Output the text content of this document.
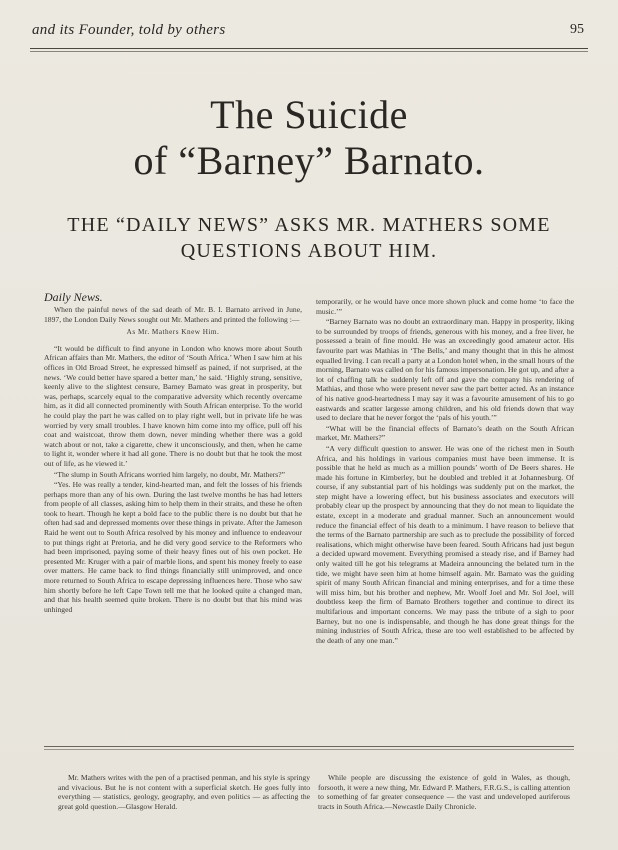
and its Founder, told by others	95
The Suicide
of “Barney” Barnato.
THE “DAILY NEWS” ASKS MR. MATHERS SOME
QUESTIONS ABOUT HIM.

Daily News.

When the painful news of the sad death of Mr. B. I. Barnato arrived in June, 1897, the London Daily News sought out Mr. Mathers and printed the following :—

As Mr. Mathers Knew Him.

“It would be difficult to find anyone in London who knows more about South African affairs than Mr. Mathers, the editor of ‘South Africa.’ When I saw him at his offices in Old Broad Street, he expressed himself as pained, if not surprised, at the news. ‘We could better have spared a better man,’ he said. ‘Highly strung, sensitive, keenly alive to the slightest censure, Barney Barnato was great in prosperity, but was, perhaps, scarcely equal to the comparative adversity which recently overcame him, as it did all connected prominently with South African enterprise. To the world he could play the part he was called on to play right well, but in private life he was worried by very small troubles. I have known him come into my office, pull off his coat and waistcoat, throw them down, never minding whether there was a gold watch about or not, take a cigarette, chew it unconsciously, and then, when he came to light it, wonder where it had all gone. There is no doubt but that he took the most out of life, as he viewed it.’

“The slump in South Africans worried him largely, no doubt, Mr. Mathers?”

“Yes. He was really a tender, kind-hearted man, and felt the losses of his friends perhaps more than any of his own. During the last twelve months he has had letters from people of all classes, asking him to help them in their straits, and these he often took to heart. Though he kept a bold face to the public there is no doubt but that he often had sad and depressed moments over these things in private. After the Jameson Raid he went out to South Africa resolved by his money and influence to endeavour to put things right at Pretoria, and he did very good service to the Reformers who had been imprisoned, paying some of their heavy fines out of his own pocket. He presented Mr. Kruger with a pair of marble lions, and spent his money freely to ease over matters. He came back to find things financially still unimproved, and once more returned to South Africa to escape depressing influences here. Those who saw him shortly before he left Cape Town tell me that he looked quite a changed man, and that his health seemed quite broken. There is no doubt but that his mind was unhinged

temporarily, or he would have once more shown pluck and come home ‘to face the music.’”

“Barney Barnato was no doubt an extraordinary man. Happy in prosperity, liking to be surrounded by troops of friends, generous with his money, and a free liver, he possessed a brain of fine mould. He was an exceedingly good amateur actor. His favourite part was Mathias in ‘The Bells,’ and many thought that in this he almost equalled Irving. I can recall a party at a London hotel when, in the small hours of the morning, Barnato was called on for his famous impersonation. He got up, and after a lot of chaffing talk he suddenly left off and gave the company his rendering of Mathias, and those who were present never saw the part better acted. As an instance of his native good-heartedness I may say it was a favourite amusement of his to go eastwards and scatter largesse among children, and his old friends down that way used to declare that he never forgot the ‘pals of his youth.’”

“What will be the financial effects of Barnato’s death on the South African market, Mr. Mathers?”

“A very difficult question to answer. He was one of the richest men in South Africa, and his holdings in various companies must have been immense. It is possible that he held as much as a million pounds’ worth of De Beers shares. He made his fortune in Kimberley, but he doubled and trebled it at Johannesburg. Of course, if any substantial part of his holdings was suddenly put on the market, the step might have a lowering effect, but his business associates and executors will probably clear up the prospect by announcing that they do not mean to liquidate the estate, except in a moderate and gradual manner. Such an announcement would reduce the financial effect of his death to a minimum. I have reason to believe that the terms of the Barnato partnership are such as to preclude the possibility of forced realisations, which might otherwise have been feared. South Africans had just begun a decided upward movement. Everything promised a steady rise, and if Barney had only waited till he got his telegrams at Madeira announcing the belated turn in the tide, we might have seen him at home himself again. Mr. Barnato was the guiding spirit of many South African financial and mining enterprises, and for a time these will miss him, but his brother and nephew, Mr. Woolf Joel and Mr. Sol Joel, will doubtless keep the firm of Barnato Brothers together and continue to direct its multifarious and important concerns. We may pass the tribute of a sigh to poor Barney, but no one is indispensable, and though he has done great things for the mining industries of South Africa, these are too well established to be affected by the death of any one man.”

Mr. Mathers writes with the pen of a practised penman, and his style is springy and vivacious. But he is not content with a superficial sketch. He goes fully into everything — statistics, geology, geography, and even politics — as affecting the great gold question.—Glasgow Herald.

While people are discussing the existence of gold in Wales, as though, forsooth, it were a new thing, Mr. Edward P. Mathers, F.R.G.S., is calling attention to something of far greater consequence — the vast and undeveloped auriferous tracts in South Africa.—Newcastle Daily Chronicle.
